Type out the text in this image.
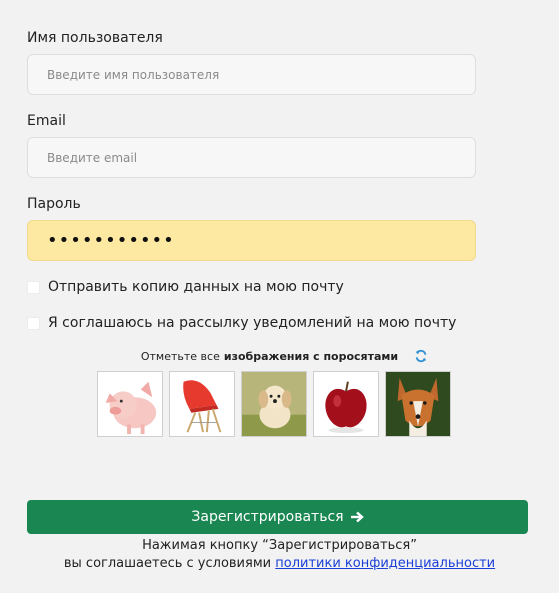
Имя пользователя
Введите имя пользователя
Email
Введите email
Пароль
•••••••••••
Отправить копию данных на мою почту
Я соглашаюсь на рассылку уведомлений на мою почту
Отметьте все изображения с поросятами
Зарегистрироваться
Нажимая кнопку “Зарегистрироваться”
вы соглашаетесь с условиями политики конфиденциальности
